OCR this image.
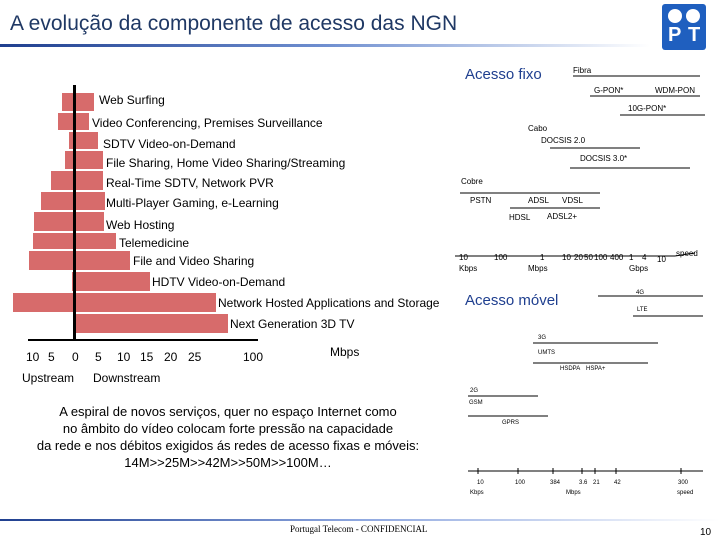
A evolução da componente de acesso das NGN	P T
Web Surfing
Video Conferencing, Premises Surveillance
SDTV Video-on-Demand
File Sharing, Home Video Sharing/Streaming
Real-Time SDTV, Network PVR
Multi-Player Gaming, e-Learning
Web Hosting
Telemedicine
File and Video Sharing
HDTV Video-on-Demand
Network Hosted Applications and Storage
Next Generation 3D TV
10 5 0 5 10 15 20 25	100	Mbps
Upstream Downstream
Acesso fixo	Fibra
G-PON*	WDM-PON
10G-PON*
Cabo
DOCSIS 2.0
DOCSIS 3.0*
Cobre
PSTN	ADSL VDSL
HDSL ADSL2+
10	100	1 10 20 50 100 400 1 4 10
Kbps	Mbps	Gbps
speed
Acesso móvel	4G
LTE
3G
UMTS
HSDPA HSPA+
2G
GSM
GPRS
10	100	384	3.6 21 42	300
Kbps	Mbps	speed
A espiral de novos serviços, quer no espaço Internet como
no âmbito do vídeo colocam forte pressão na capacidade
da rede e nos débitos exigidos ás redes de acesso fixas e móveis:
14M>>25M>>42M>>50M>>100M…
Portugal Telecom - CONFIDENCIAL	10
